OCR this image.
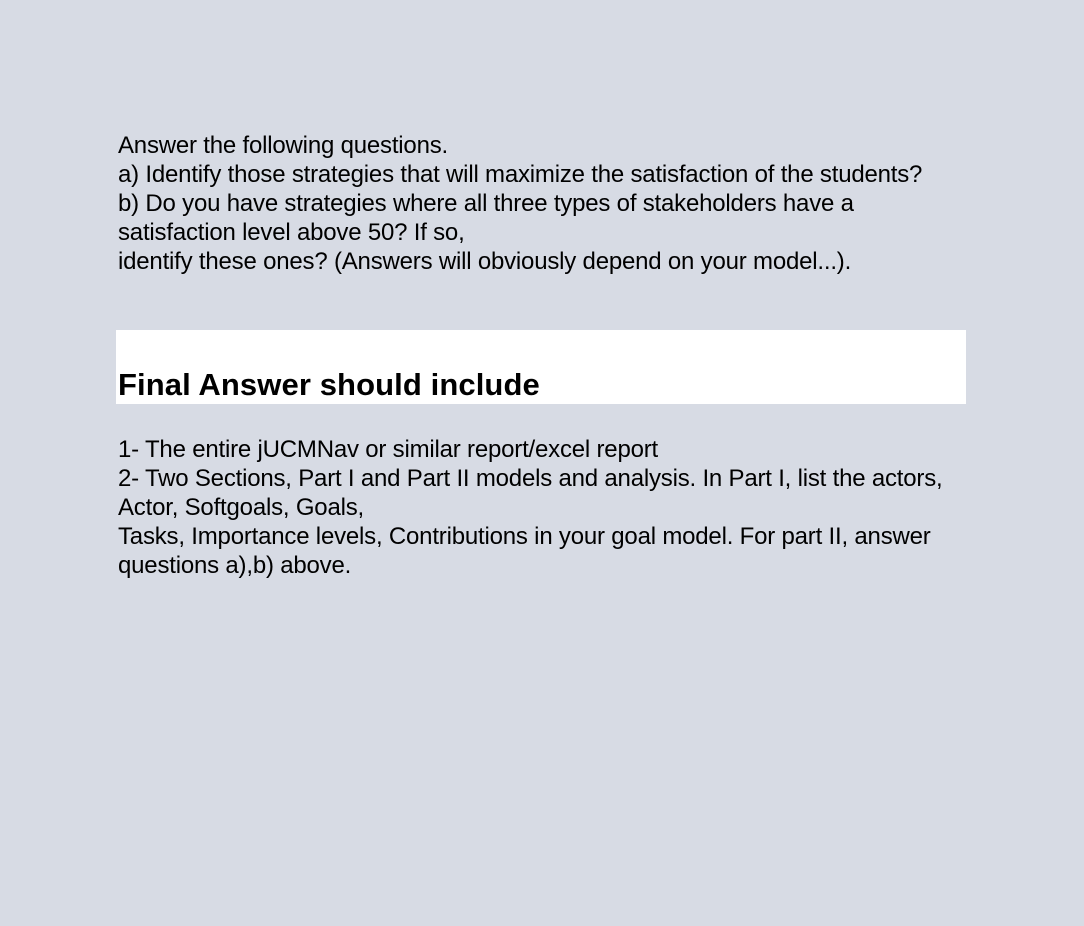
Answer the following questions.
a) Identify those strategies that will maximize the satisfaction of the students?
b) Do you have strategies where all three types of stakeholders have a satisfaction level above 50? If so,
identify these ones? (Answers will obviously depend on your model...).
Final Answer should include
1- The entire jUCMNav or similar report/excel report
2- Two Sections, Part I and Part II models and analysis. In Part I, list the actors, Actor, Softgoals, Goals,
Tasks, Importance levels, Contributions in your goal model. For part II, answer questions a),b) above.
